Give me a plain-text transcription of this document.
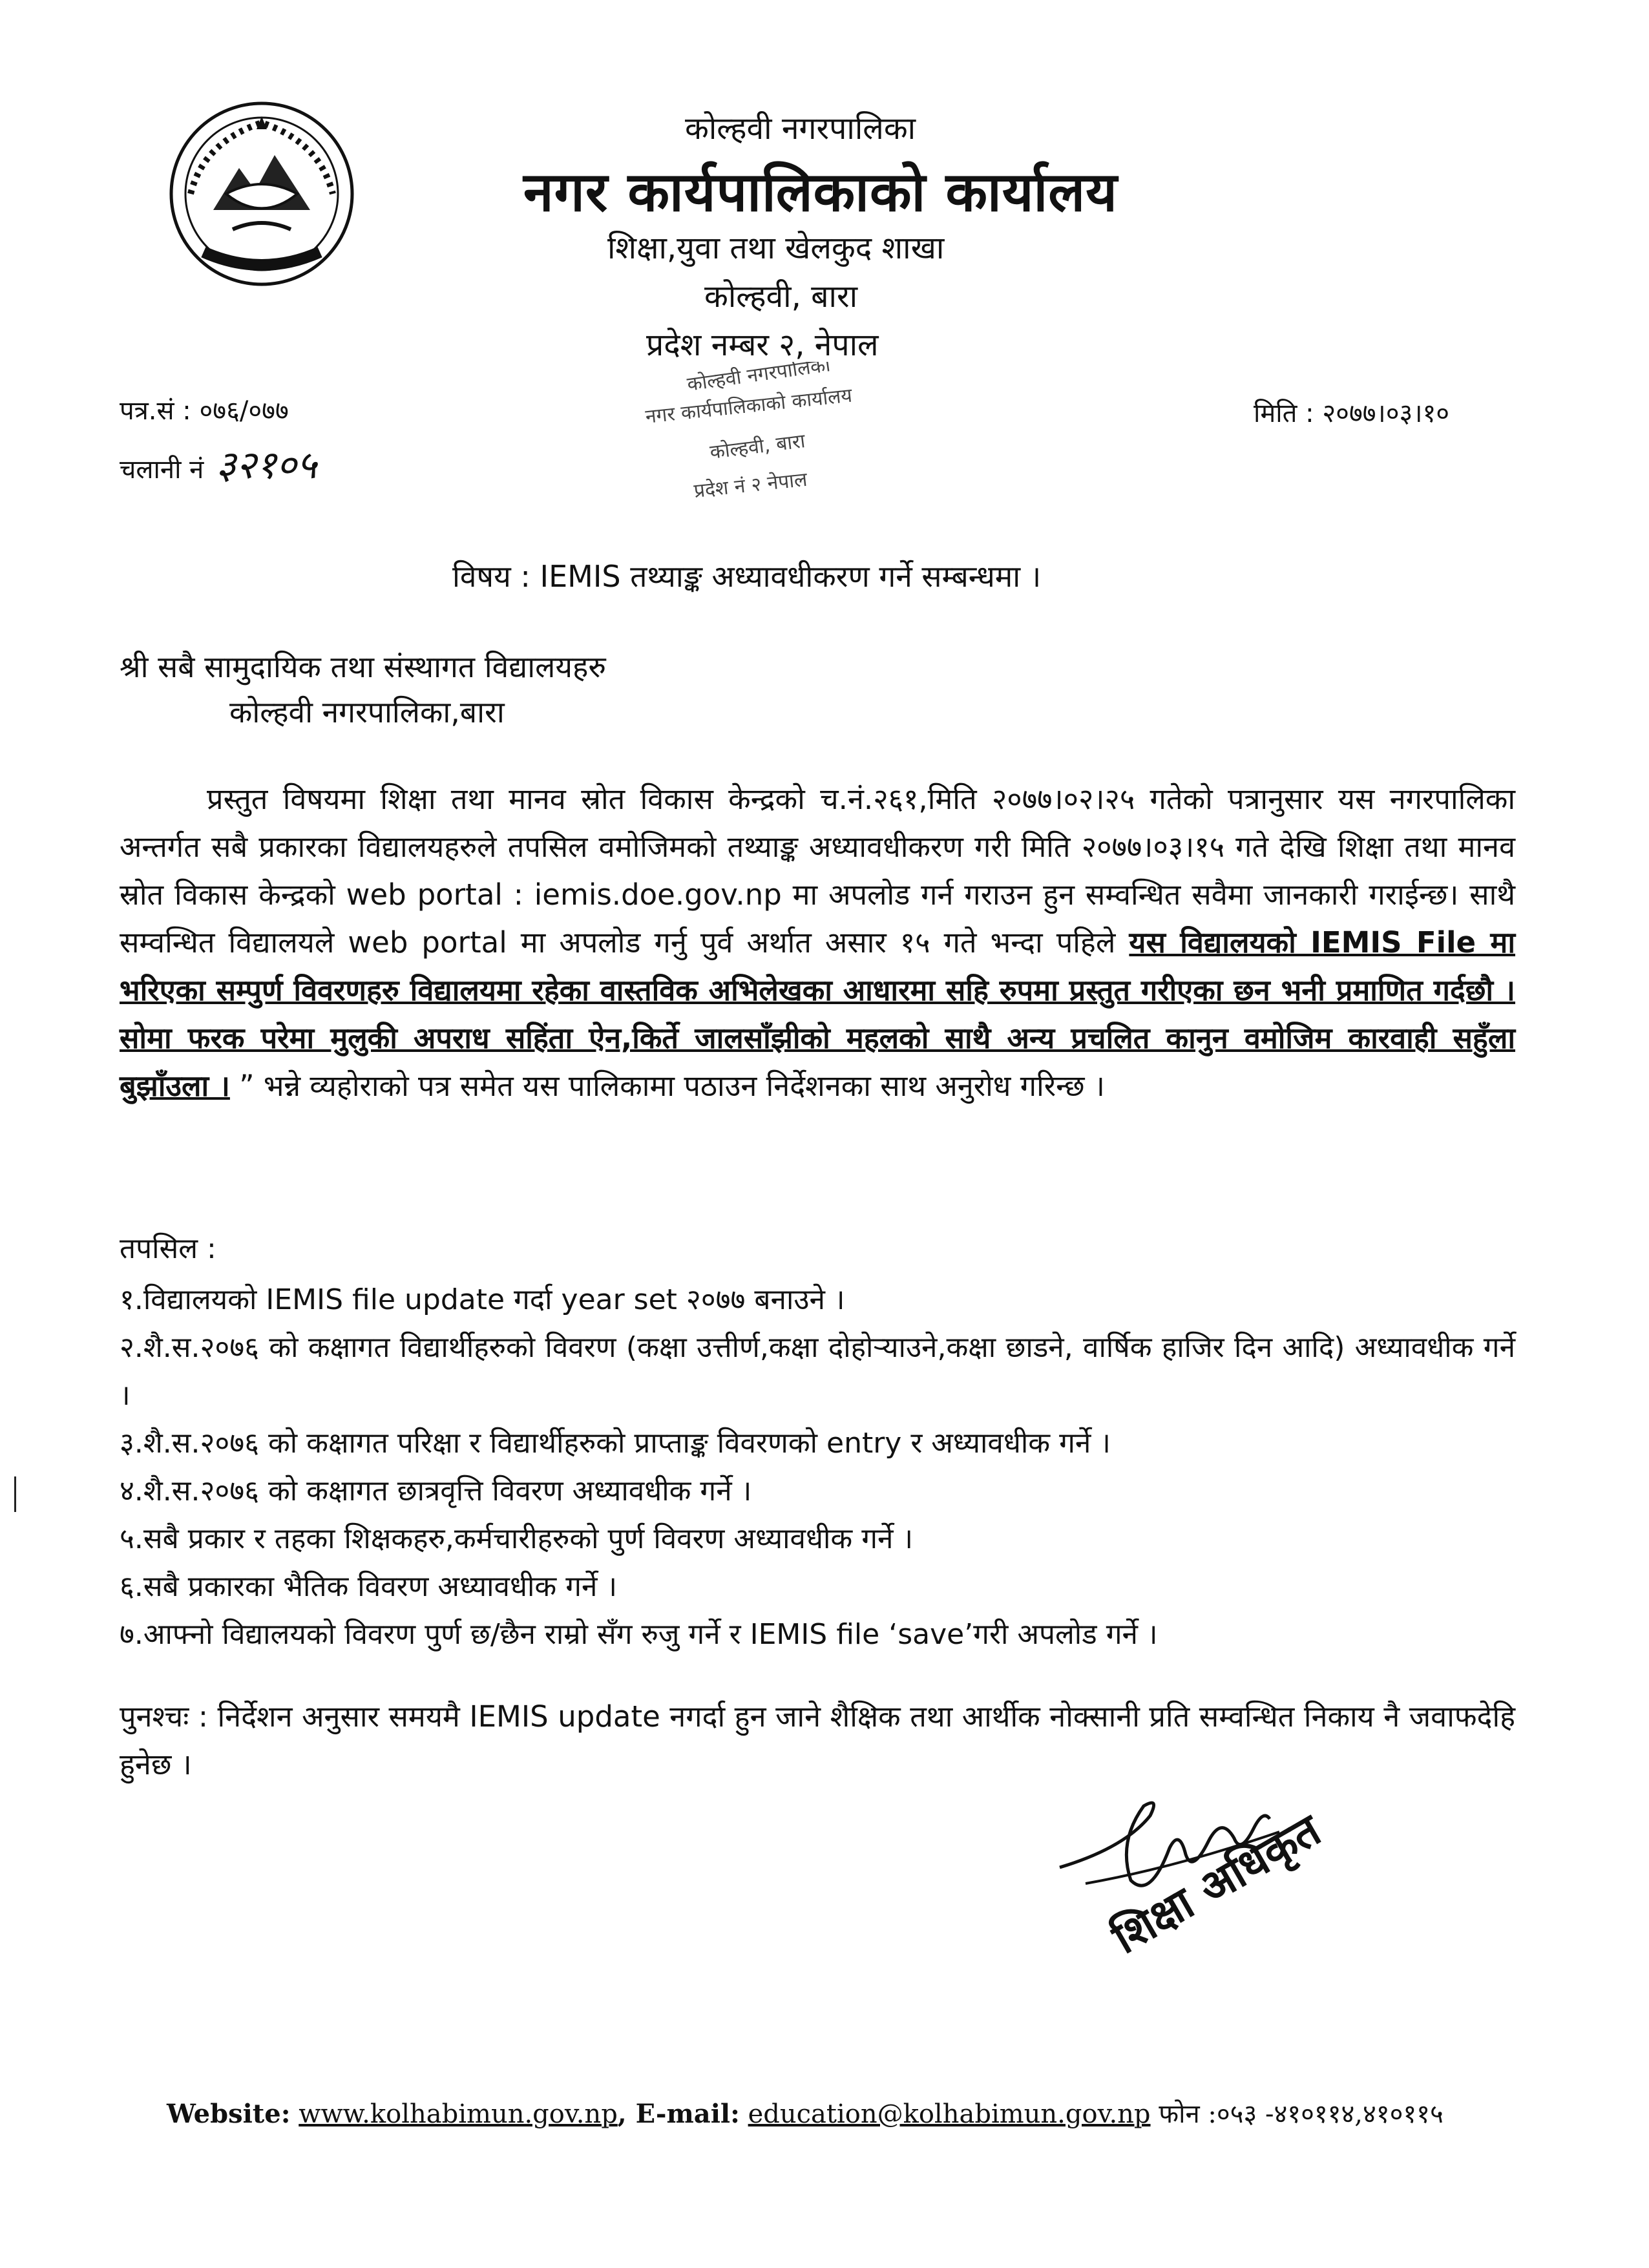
कोल्हवी नगरपालिका
नगर कार्यपालिकाको कार्यालय
शिक्षा,युवा तथा खेलकुद शाखा
कोल्हवी, बारा
प्रदेश नम्बर २, नेपाल
पत्र.सं : ०७६/०७७
चलानी नं ३२१०५
मिति : २०७७।०३।१०
कोल्हवी नगरपालिका
नगर कार्यपालिकाको कार्यालय
कोल्हवी, बारा
प्रदेश नं २ नेपाल
विषय : IEMIS तथ्याङ्क अध्यावधीकरण गर्ने सम्बन्धमा ।
श्री सबै सामुदायिक तथा संस्थागत विद्यालयहरु
कोल्हवी नगरपालिका,बारा
प्रस्तुत विषयमा शिक्षा तथा मानव स्रोत विकास केन्द्रको च.नं.२६१,मिति २०७७।०२।२५ गतेको पत्रानुसार यस नगरपालिका अन्तर्गत सबै प्रकारका विद्यालयहरुले तपसिल वमोजिमको तथ्याङ्क अध्यावधीकरण गरी मिति २०७७।०३।१५ गते देखि शिक्षा तथा मानव स्रोत विकास केन्द्रको web portal : iemis.doe.gov.np मा अपलोड गर्न गराउन हुन सम्वन्धित सवैमा जानकारी गराईन्छ। साथै सम्वन्धित विद्यालयले web portal मा अपलोड गर्नु पुर्व अर्थात असार १५ गते भन्दा पहिले यस विद्यालयको IEMIS File मा भरिएका सम्पुर्ण विवरणहरु विद्यालयमा रहेका वास्तविक अभिलेखका आधारमा सहि रुपमा प्रस्तुत गरीएका छन भनी प्रमाणित गर्दछौ । सोमा फरक परेमा मुलुकी अपराध सहिंता ऐन,किर्ते जालसाँझीको महलको साथै अन्य प्रचलित कानुन वमोजिम कारवाही सहुँला बुझाँउला । ” भन्ने व्यहोराको पत्र समेत यस पालिकामा पठाउन निर्देशनका साथ अनुरोध गरिन्छ ।
तपसिल :
१.विद्यालयको IEMIS file update गर्दा year set २०७७ बनाउने ।
२.शै.स.२०७६ को कक्षागत विद्यार्थीहरुको विवरण (कक्षा उत्तीर्ण,कक्षा दोहोर्‍याउने,कक्षा छाडने, वार्षिक हाजिर दिन आदि) अध्यावधीक गर्ने ।
३.शै.स.२०७६ को कक्षागत परिक्षा र विद्यार्थीहरुको प्राप्ताङ्क विवरणको entry र अध्यावधीक गर्ने ।
४.शै.स.२०७६ को कक्षागत छात्रवृत्ति विवरण अध्यावधीक गर्ने ।
५.सबै प्रकार र तहका शिक्षकहरु,कर्मचारीहरुको पुर्ण विवरण अध्यावधीक गर्ने ।
६.सबै प्रकारका भैतिक विवरण अध्यावधीक गर्ने ।
७.आफ्नो विद्यालयको विवरण पुर्ण छ/छैन राम्रो सँग रुजु गर्ने र IEMIS file ‘save’गरी अपलोड गर्ने ।
पुनश्चः : निर्देशन अनुसार समयमै IEMIS update नगर्दा हुन जाने शैक्षिक तथा आर्थीक नोक्सानी प्रति सम्वन्धित निकाय नै जवाफदेहि हुनेछ ।
शिक्षा अधिकृत
Website: www.kolhabimun.gov.np, E-mail: education@kolhabimun.gov.np फोन :०५३ -४१०११४,४१०११५
